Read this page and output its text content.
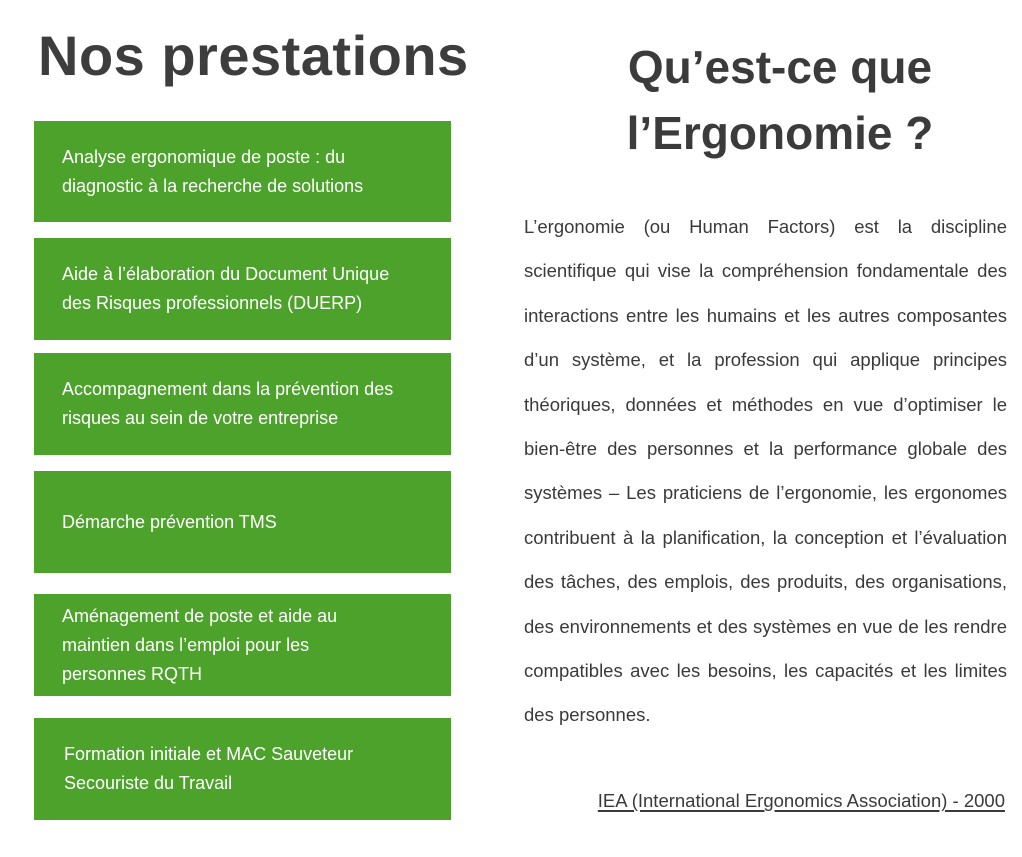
Nos prestations
Analyse ergonomique de poste : du diagnostic à la recherche de solutions
Aide à l’élaboration du Document Unique des Risques professionnels (DUERP)
Accompagnement dans la prévention des risques au sein de votre entreprise
Démarche prévention TMS
Aménagement de poste et aide au maintien dans l’emploi pour les personnes RQTH
Formation initiale et MAC Sauveteur Secouriste du Travail
Qu’est-ce que l’Ergonomie ?

L’ergonomie (ou Human Factors) est la discipline scientifique qui vise la compréhension fondamentale des interactions entre les humains et les autres composantes d’un système, et la profession qui applique principes théoriques, données et méthodes en vue d’optimiser le bien-être des personnes et la performance globale des systèmes – Les praticiens de l’ergonomie, les ergonomes contribuent à la planification, la conception et l’évaluation des tâches, des emplois, des produits, des organisations, des environnements et des systèmes en vue de les rendre compatibles avec les besoins, les capacités et les limites des personnes.

IEA (International Ergonomics Association) - 2000
